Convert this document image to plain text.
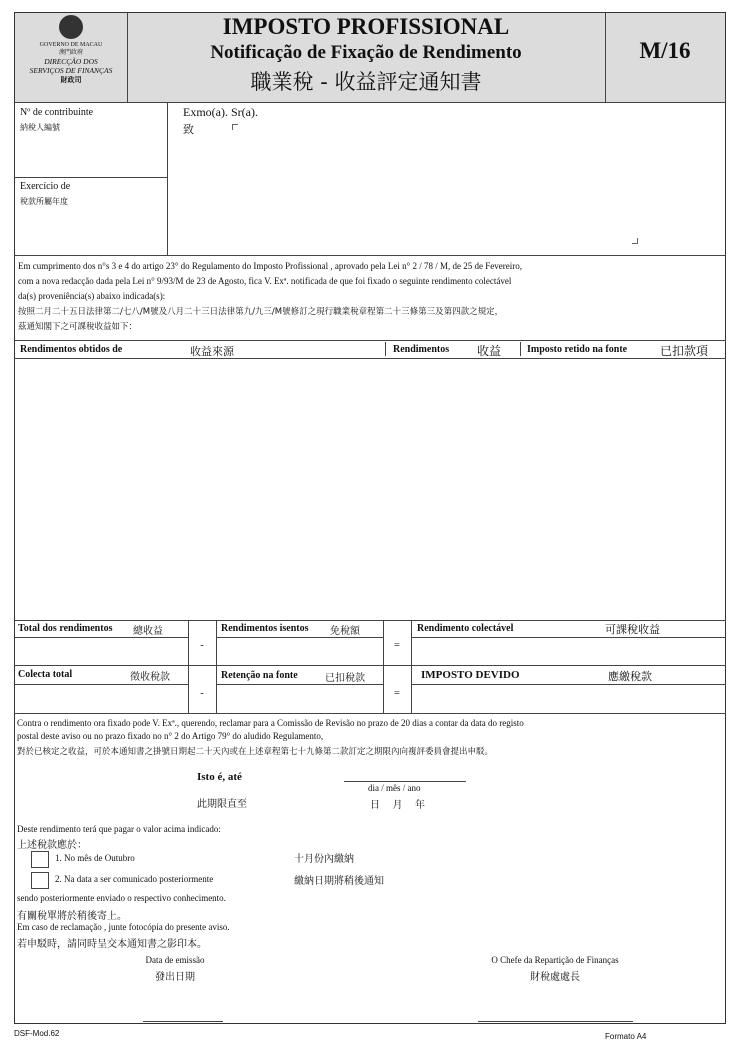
GOVERNO DE MACAU
澳門政府
DIRECÇÃO DOS
SERVIÇOS DE FINANÇAS
財政司
IMPOSTO PROFISSIONAL
Notificação de Fixação de Rendimento
職業稅 - 收益評定通知書
M/16
Nº de contribuinte
納稅人編號
Exercício de
稅款所屬年度
Exmo(a). Sr(a).
致
Em cumprimento dos n°s 3 e 4 do artigo 23° do Regulamento do Imposto Profissional , aprovado pela Lei n° 2 / 78 / M, de 25 de Fevereiro,
com a nova redacção dada pela Lei n° 9/93/M de 23 de Agosto, fica V. Exª. notificada de que foi fixado o seguinte rendimento colectável
da(s) proveniência(s) abaixo indicada(s):
按照二月二十五日法律第二/七八/M號及八月二十三日法律第九/九三/M號修訂之現行職業稅章程第二十三條第三及第四款之規定，
茲通知閣下之可課稅收益如下：
Rendimentos obtidos de	收益來源	Rendimentos 收益	Imposto retido na fonte	已扣款項
Total dos rendimentos 總收益	Rendimentos isentos 免稅額	Rendimento colectável	可課稅收益
-	=
Colecta total	徵收稅款	Retenção na fonte	已扣稅款	IMPOSTO DEVIDO	應繳稅款
-	=
Contra o rendimento ora fixado pode V. Exª., querendo, reclamar para a Comissão de Revisão no prazo de 20 dias a contar da data do registo
postal deste aviso ou no prazo fixado no n° 2 do Artigo 79° do aludido Regulamento,
對於已核定之收益，可於本通知書之掛號日期起二十天內或在上述章程第七十九條第二款訂定之期限內向複評委員會提出申駁。
Isto é, até
此期限直至
dia / mês / ano
日     月     年
Deste rendimento terá que pagar o valor acima indicado:
上述稅款應於：
1. No mês de Outubro	十月份內繳納
2. Na data a ser comunicado posteriormente	繳納日期將稍後通知
sendo posteriormente enviado o respectivo conhecimento.
有關稅單將於稍後寄上。
Em caso de reclamação , junte fotocópia do presente aviso.
若申駁時，請同時呈交本通知書之影印本。
Data de emissão
發出日期
O Chefe da Repartição de Finanças
財稅處處長
DSF-Mod.62	Formato A4
